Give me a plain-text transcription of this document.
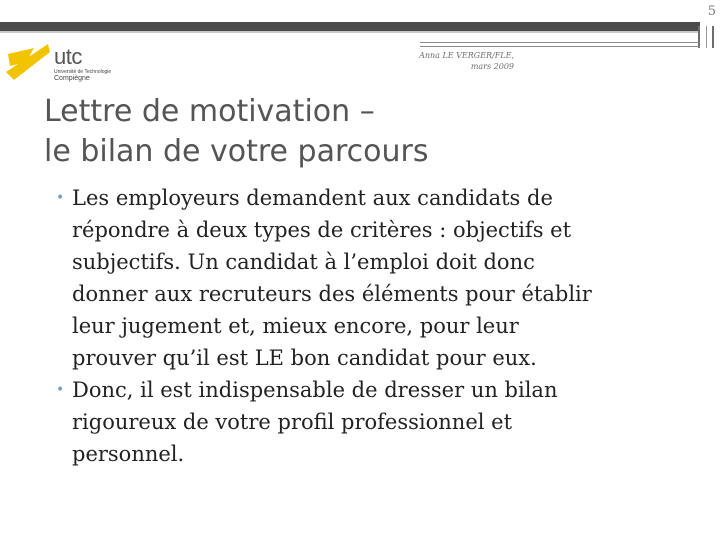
5
utc
Université de Technologie
Compiègne
Anna LE VERGER/FLE,
mars 2009
Lettre de motivation –
le bilan de votre parcours
• Les employeurs demandent aux candidats de
répondre à deux types de critères : objectifs et
subjectifs. Un candidat à l’emploi doit donc
donner aux recruteurs des éléments pour établir
leur jugement et, mieux encore, pour leur
prouver qu’il est LE bon candidat pour eux.
• Donc, il est indispensable de dresser un bilan
rigoureux de votre profil professionnel et
personnel.
